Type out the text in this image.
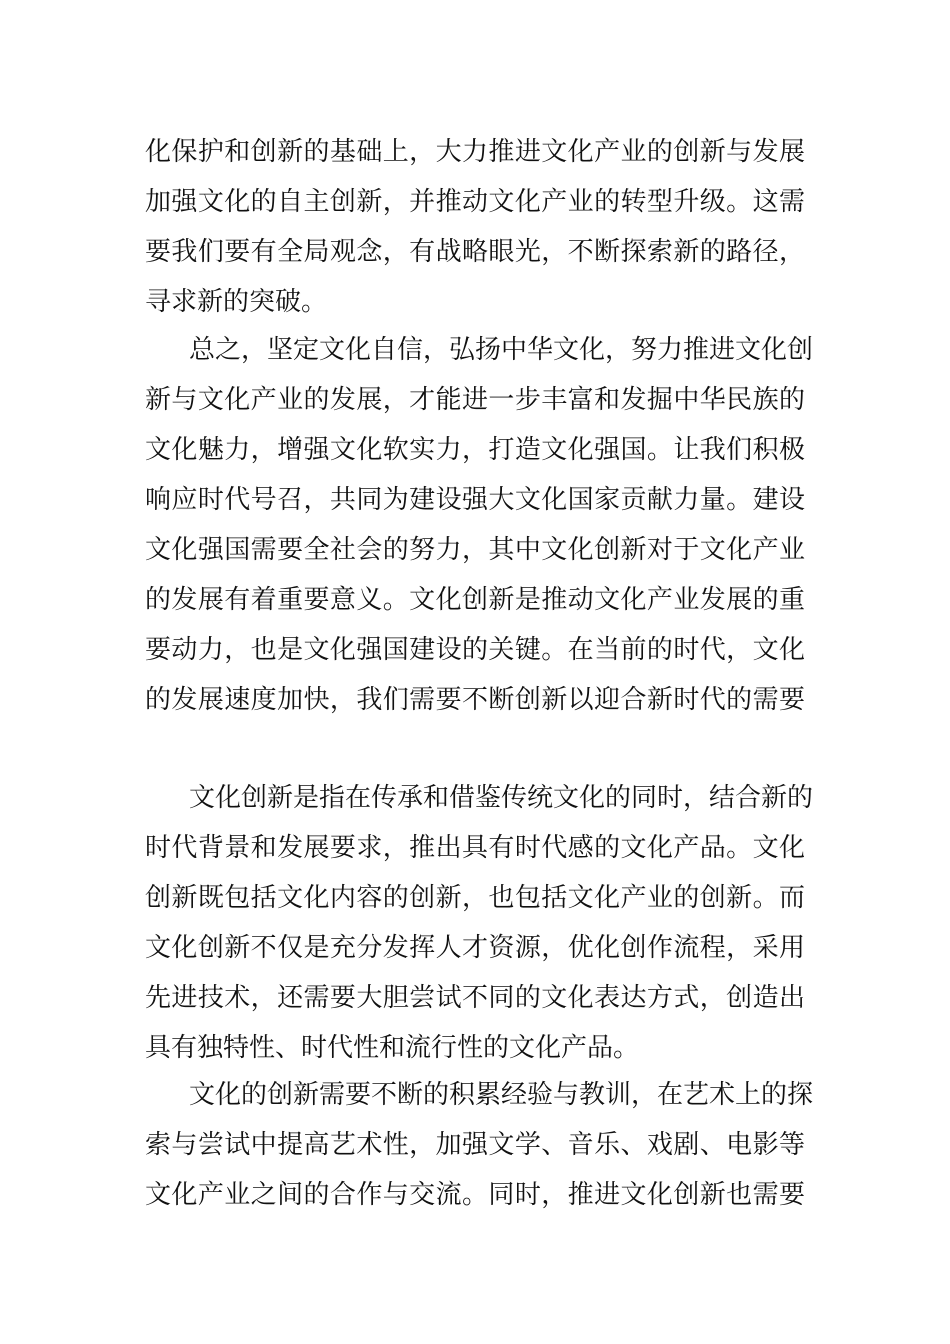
化保护和创新的基础上，大力推进文化产业的创新与发展
加强文化的自主创新，并推动文化产业的转型升级。这需
要我们要有全局观念，有战略眼光，不断探索新的路径，
寻求新的突破。
总之，坚定文化自信，弘扬中华文化，努力推进文化创
新与文化产业的发展，才能进一步丰富和发掘中华民族的
文化魅力，增强文化软实力，打造文化强国。让我们积极
响应时代号召，共同为建设强大文化国家贡献力量。建设
文化强国需要全社会的努力，其中文化创新对于文化产业
的发展有着重要意义。文化创新是推动文化产业发展的重
要动力，也是文化强国建设的关键。在当前的时代，文化
的发展速度加快，我们需要不断创新以迎合新时代的需要
文化创新是指在传承和借鉴传统文化的同时，结合新的
时代背景和发展要求，推出具有时代感的文化产品。文化
创新既包括文化内容的创新，也包括文化产业的创新。而
文化创新不仅是充分发挥人才资源，优化创作流程，采用
先进技术，还需要大胆尝试不同的文化表达方式，创造出
具有独特性、时代性和流行性的文化产品。
文化的创新需要不断的积累经验与教训，在艺术上的探
索与尝试中提高艺术性，加强文学、音乐、戏剧、电影等
文化产业之间的合作与交流。同时，推进文化创新也需要
